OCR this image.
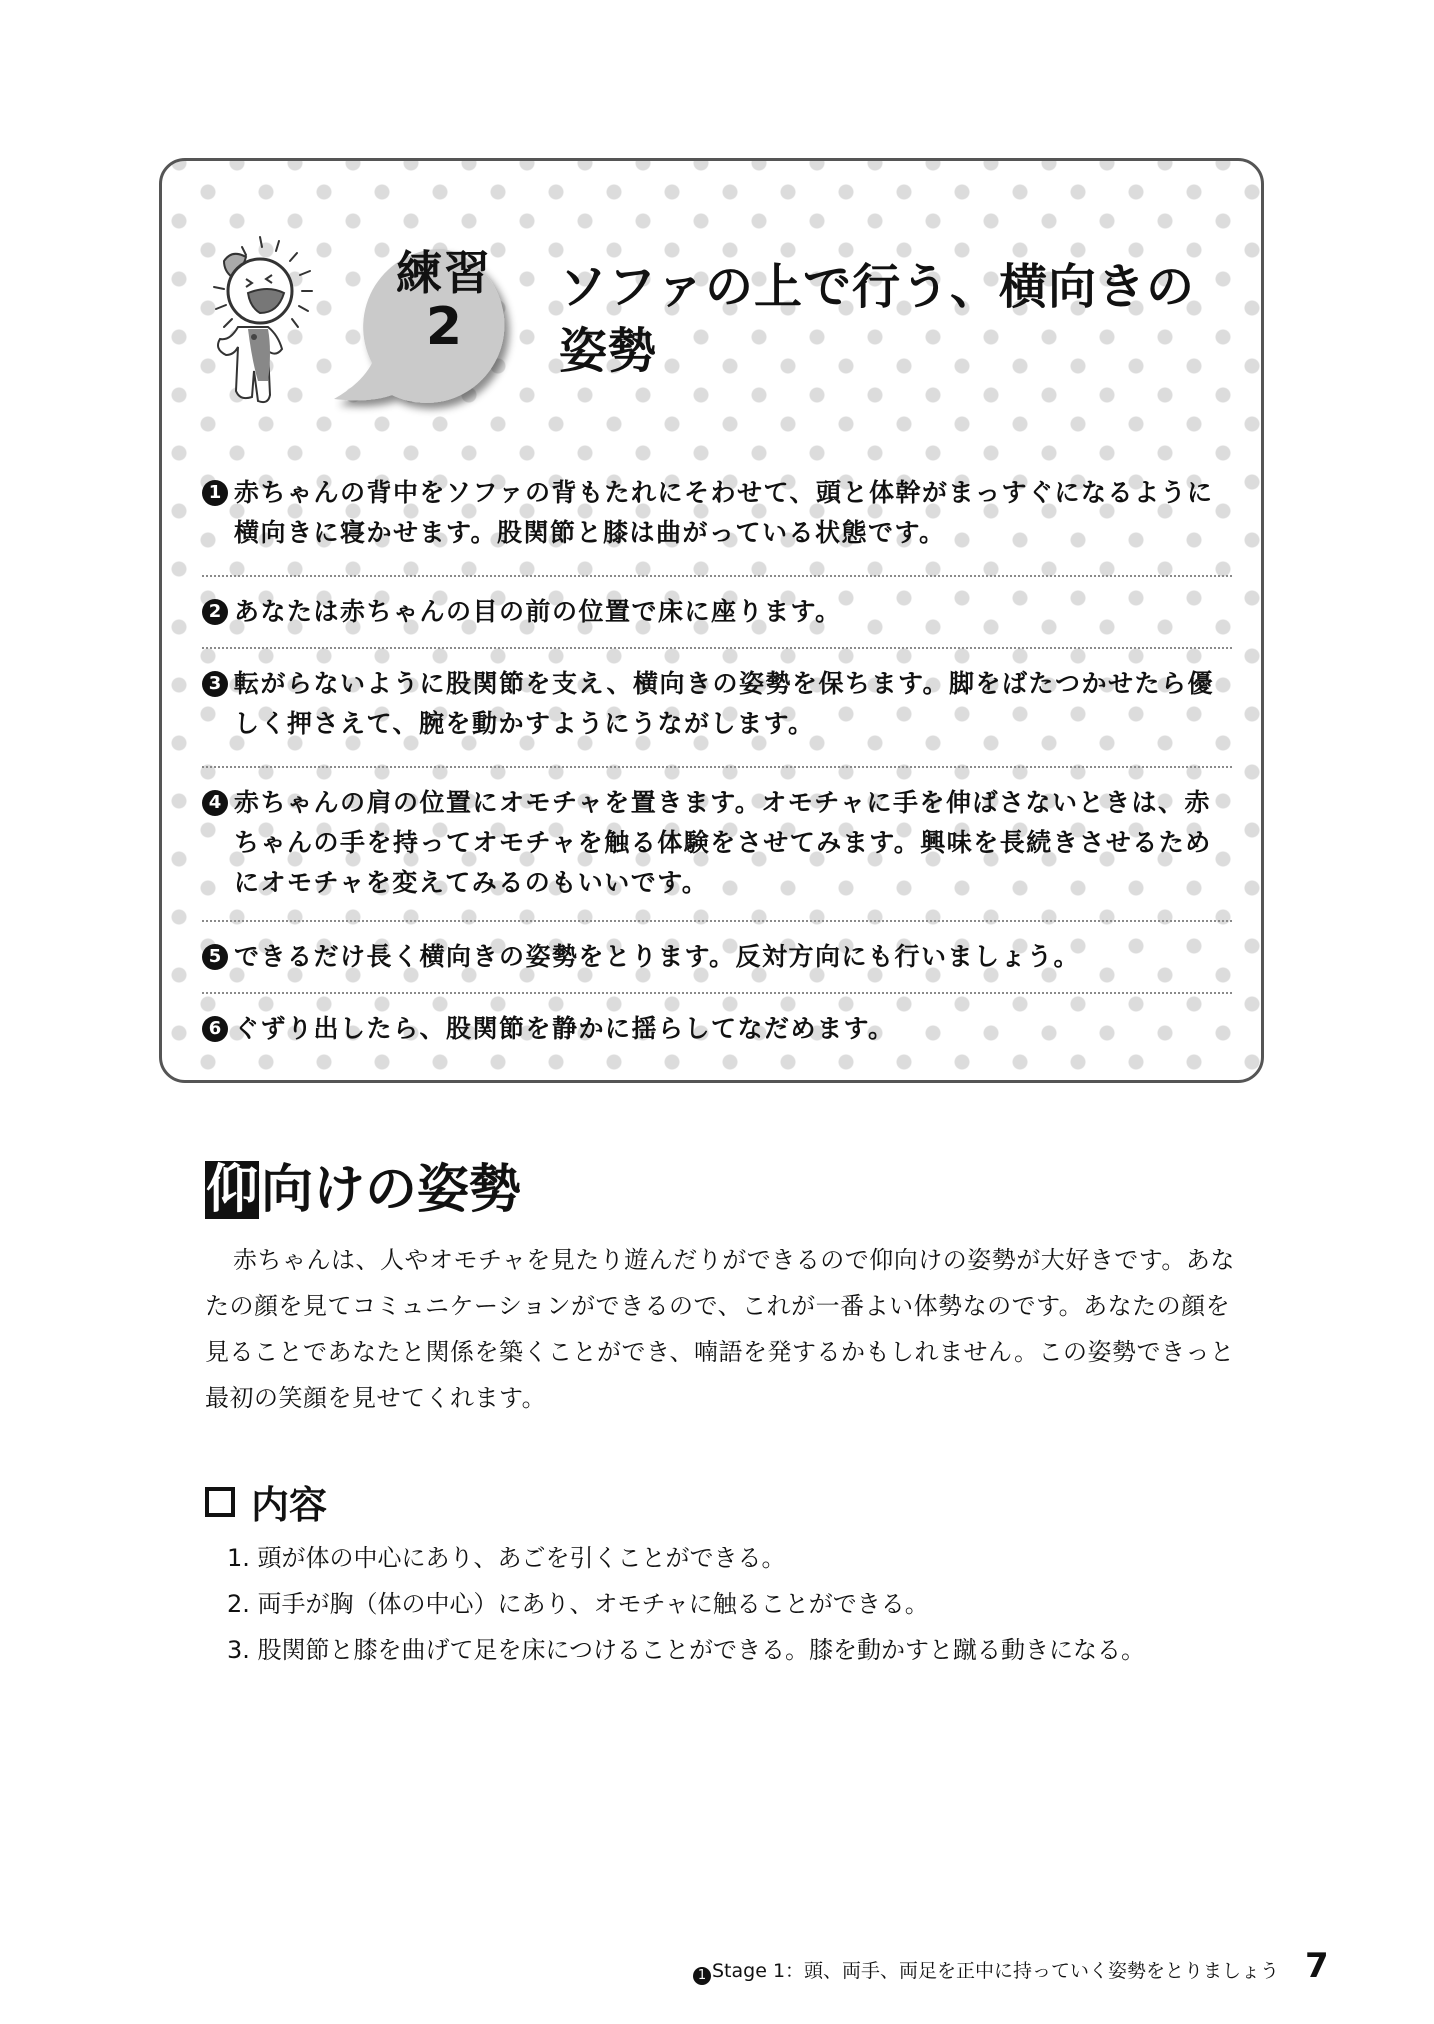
練習
2
ソファの上で行う、横向きの姿勢
1 赤ちゃんの背中をソファの背もたれにそわせて、頭と体幹がまっすぐになるように横向きに寝かせます。股関節と膝は曲がっている状態です。
2 あなたは赤ちゃんの目の前の位置で床に座ります。
3 転がらないように股関節を支え、横向きの姿勢を保ちます。脚をばたつかせたら優しく押さえて、腕を動かすようにうながします。
4 赤ちゃんの肩の位置にオモチャを置きます。オモチャに手を伸ばさないときは、赤ちゃんの手を持ってオモチャを触る体験をさせてみます。興味を長続きさせるためにオモチャを変えてみるのもいいです。
5 できるだけ長く横向きの姿勢をとります。反対方向にも行いましょう。
6 ぐずり出したら、股関節を静かに揺らしてなだめます。
仰 向けの姿勢

赤ちゃんは、人やオモチャを見たり遊んだりができるので仰向けの姿勢が大好きです。あなたの顔を見てコミュニケーションができるので、これが一番よい体勢なのです。あなたの顔を見ることであなたと関係を築くことができ、喃語を発するかもしれません。この姿勢できっと最初の笑顔を見せてくれます。

内容
1. 頭が体の中心にあり、あごを引くことができる。
2. 両手が胸（体の中心）にあり、オモチャに触ることができる。
3. 股関節と膝を曲げて足を床につけることができる。膝を動かすと蹴る動きになる。
1 Stage 1：頭、両手、両足を正中に持っていく姿勢をとりましょう 7
